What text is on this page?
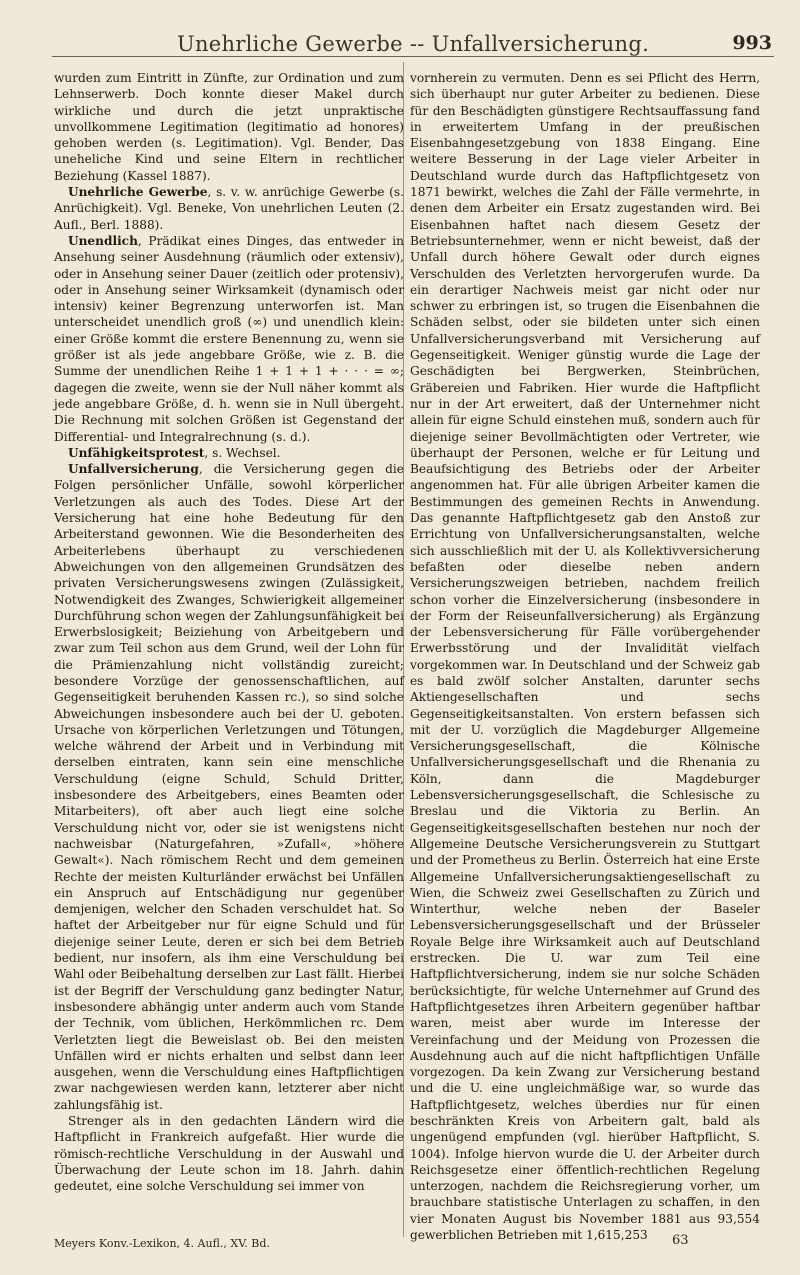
Unehrliche Gewerbe -- Unfallversicherung.	993

wurden zum Eintritt in Zünfte, zur Ordination und zum Lehnserwerb. Doch konnte dieser Makel durch wirkliche und durch die jetzt unpraktische unvollkommene Legitimation (legitimatio ad honores) gehoben werden (s. Legitimation). Vgl. Bender, Das uneheliche Kind und seine Eltern in rechtlicher Beziehung (Kassel 1887).

Unehrliche Gewerbe, s. v. w. anrüchige Gewerbe (s. Anrüchigkeit). Vgl. Beneke, Von unehrlichen Leuten (2. Aufl., Berl. 1888).

Unendlich, Prädikat eines Dinges, das entweder in Ansehung seiner Ausdehnung (räumlich oder extensiv), oder in Ansehung seiner Dauer (zeitlich oder protensiv), oder in Ansehung seiner Wirksamkeit (dynamisch oder intensiv) keiner Begrenzung unterworfen ist. Man unterscheidet unendlich groß (∞) und unendlich klein: einer Größe kommt die erstere Benennung zu, wenn sie größer ist als jede angebbare Größe, wie z. B. die Summe der unendlichen Reihe 1 + 1 + 1 + · · · = ∞; dagegen die zweite, wenn sie der Null näher kommt als jede angebbare Größe, d. h. wenn sie in Null übergeht. Die Rechnung mit solchen Größen ist Gegenstand der Differential- und Integralrechnung (s. d.).

Unfähigkeitsprotest, s. Wechsel.

Unfallversicherung, die Versicherung gegen die Folgen persönlicher Unfälle, sowohl körperlicher Verletzungen als auch des Todes. Diese Art der Versicherung hat eine hohe Bedeutung für den Arbeiterstand gewonnen. Wie die Besonderheiten des Arbeiterlebens überhaupt zu verschiedenen Abweichungen von den allgemeinen Grundsätzen des privaten Versicherungswesens zwingen (Zulässigkeit, Notwendigkeit des Zwanges, Schwierigkeit allgemeiner Durchführung schon wegen der Zahlungsunfähigkeit bei Erwerbslosigkeit; Beiziehung von Arbeitgebern und zwar zum Teil schon aus dem Grund, weil der Lohn für die Prämienzahlung nicht vollständig zureicht; besondere Vorzüge der genossenschaftlichen, auf Gegenseitigkeit beruhenden Kassen rc.), so sind solche Abweichungen insbesondere auch bei der U. geboten. Ursache von körperlichen Verletzungen und Tötungen, welche während der Arbeit und in Verbindung mit derselben eintraten, kann sein eine menschliche Verschuldung (eigne Schuld, Schuld Dritter, insbesondere des Arbeitgebers, eines Beamten oder Mitarbeiters), oft aber auch liegt eine solche Verschuldung nicht vor, oder sie ist wenigstens nicht nachweisbar (Naturgefahren, »Zufall«, »höhere Gewalt«). Nach römischem Recht und dem gemeinen Rechte der meisten Kulturländer erwächst bei Unfällen ein Anspruch auf Entschädigung nur gegenüber demjenigen, welcher den Schaden verschuldet hat. So haftet der Arbeitgeber nur für eigne Schuld und für diejenige seiner Leute, deren er sich bei dem Betrieb bedient, nur insofern, als ihm eine Verschuldung bei Wahl oder Beibehaltung derselben zur Last fällt. Hierbei ist der Begriff der Verschuldung ganz bedingter Natur, insbesondere abhängig unter anderm auch vom Stande der Technik, vom üblichen, Herkömmlichen rc. Dem Verletzten liegt die Beweislast ob. Bei den meisten Unfällen wird er nichts erhalten und selbst dann leer ausgehen, wenn die Verschuldung eines Haftpflichtigen zwar nachgewiesen werden kann, letzterer aber nicht zahlungsfähig ist.

Strenger als in den gedachten Ländern wird die Haftpflicht in Frankreich aufgefaßt. Hier wurde die römisch-rechtliche Verschuldung in der Auswahl und Überwachung der Leute schon im 18. Jahrh. dahin gedeutet, eine solche Verschuldung sei immer von

vornherein zu vermuten. Denn es sei Pflicht des Herrn, sich überhaupt nur guter Arbeiter zu bedienen. Diese für den Beschädigten günstigere Rechtsauffassung fand in erweitertem Umfang in der preußischen Eisenbahngesetzgebung von 1838 Eingang. Eine weitere Besserung in der Lage vieler Arbeiter in Deutschland wurde durch das Haftpflichtgesetz von 1871 bewirkt, welches die Zahl der Fälle vermehrte, in denen dem Arbeiter ein Ersatz zugestanden wird. Bei Eisenbahnen haftet nach diesem Gesetz der Betriebsunternehmer, wenn er nicht beweist, daß der Unfall durch höhere Gewalt oder durch eignes Verschulden des Verletzten hervorgerufen wurde. Da ein derartiger Nachweis meist gar nicht oder nur schwer zu erbringen ist, so trugen die Eisenbahnen die Schäden selbst, oder sie bildeten unter sich einen Unfallversicherungsverband mit Versicherung auf Gegenseitigkeit. Weniger günstig wurde die Lage der Geschädigten bei Bergwerken, Steinbrüchen, Gräbereien und Fabriken. Hier wurde die Haftpflicht nur in der Art erweitert, daß der Unternehmer nicht allein für eigne Schuld einstehen muß, sondern auch für diejenige seiner Bevollmächtigten oder Vertreter, wie überhaupt der Personen, welche er für Leitung und Beaufsichtigung des Betriebs oder der Arbeiter angenommen hat. Für alle übrigen Arbeiter kamen die Bestimmungen des gemeinen Rechts in Anwendung. Das genannte Haftpflichtgesetz gab den Anstoß zur Errichtung von Unfallversicherungsanstalten, welche sich ausschließlich mit der U. als Kollektivversicherung befaßten oder dieselbe neben andern Versicherungszweigen betrieben, nachdem freilich schon vorher die Einzelversicherung (insbesondere in der Form der Reiseunfallversicherung) als Ergänzung der Lebensversicherung für Fälle vorübergehender Erwerbsstörung und der Invalidität vielfach vorgekommen war. In Deutschland und der Schweiz gab es bald zwölf solcher Anstalten, darunter sechs Aktiengesellschaften und sechs Gegenseitigkeitsanstalten. Von erstern befassen sich mit der U. vorzüglich die Magdeburger Allgemeine Versicherungsgesellschaft, die Kölnische Unfallversicherungsgesellschaft und die Rhenania zu Köln, dann die Magdeburger Lebensversicherungsgesellschaft, die Schlesische zu Breslau und die Viktoria zu Berlin. An Gegenseitigkeitsgesellschaften bestehen nur noch der Allgemeine Deutsche Versicherungsverein zu Stuttgart und der Prometheus zu Berlin. Österreich hat eine Erste Allgemeine Unfallversicherungsaktiengesellschaft zu Wien, die Schweiz zwei Gesellschaften zu Zürich und Winterthur, welche neben der Baseler Lebensversicherungsgesellschaft und der Brüsseler Royale Belge ihre Wirksamkeit auch auf Deutschland erstrecken. Die U. war zum Teil eine Haftpflichtversicherung, indem sie nur solche Schäden berücksichtigte, für welche Unternehmer auf Grund des Haftpflichtgesetzes ihren Arbeitern gegenüber haftbar waren, meist aber wurde im Interesse der Vereinfachung und der Meidung von Prozessen die Ausdehnung auch auf die nicht haftpflichtigen Unfälle vorgezogen. Da kein Zwang zur Versicherung bestand und die U. eine ungleichmäßige war, so wurde das Haftpflichtgesetz, welches überdies nur für einen beschränkten Kreis von Arbeitern galt, bald als ungenügend empfunden (vgl. hierüber Haftpflicht, S. 1004). Infolge hiervon wurde die U. der Arbeiter durch Reichsgesetze einer öffentlich-rechtlichen Regelung unterzogen, nachdem die Reichsregierung vorher, um brauchbare statistische Unterlagen zu schaffen, in den vier Monaten August bis November 1881 aus 93,554 gewerblichen Betrieben mit 1,615,253

Meyers Konv.-Lexikon, 4. Aufl., XV. Bd.	63
